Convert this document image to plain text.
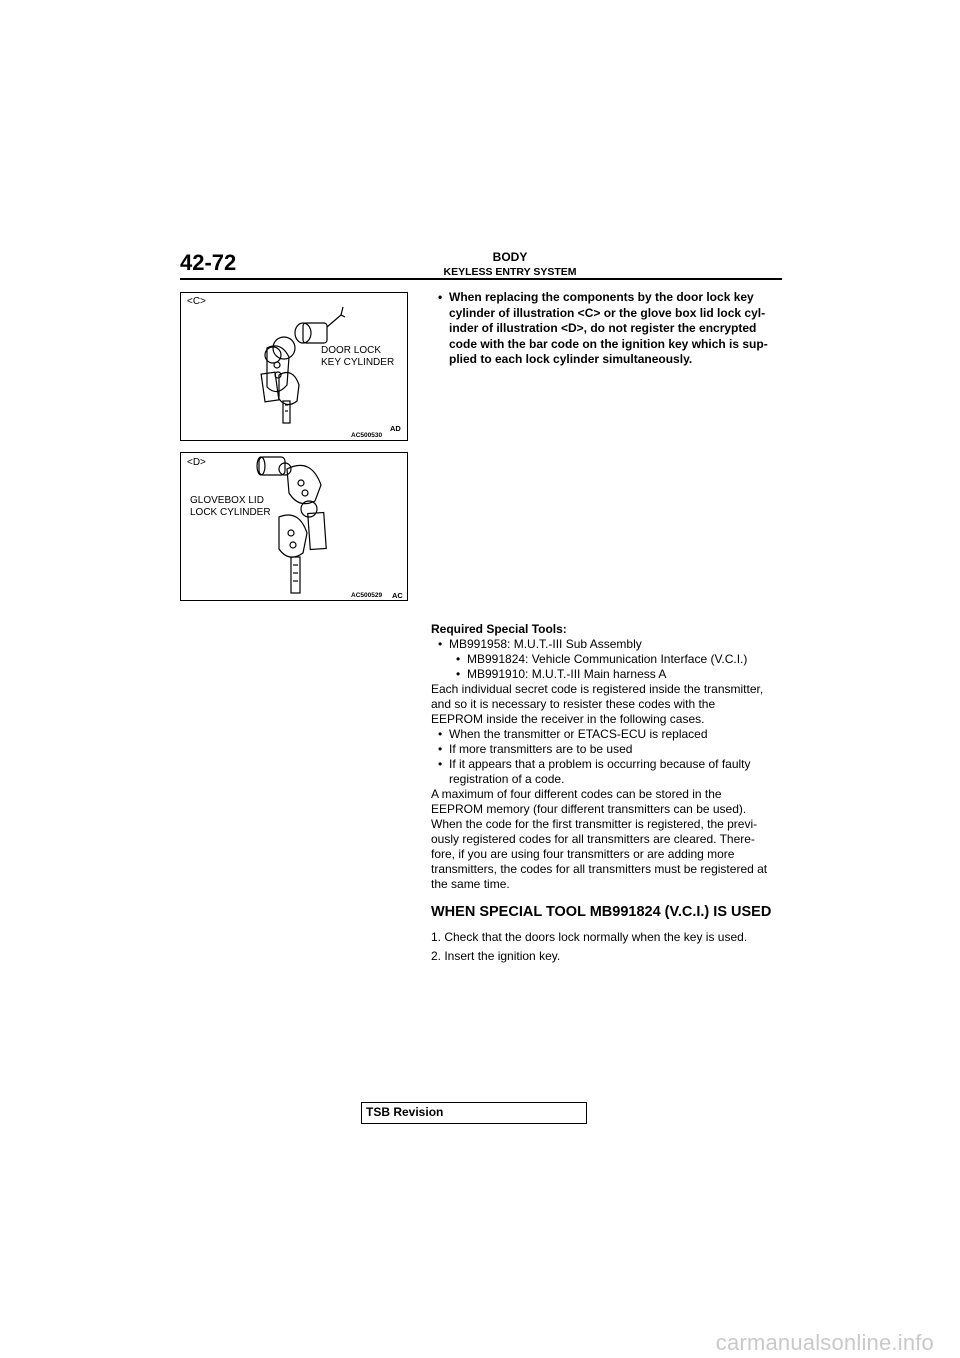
42-72	BODY
KEYLESS ENTRY SYSTEM
<C>
DOOR LOCK
KEY CYLINDER
AC500530
AD
<D>
GLOVEBOX LID
LOCK CYLINDER
AC500529 AC
• When replacing the components by the door lock key
cylinder of illustration <C> or the glove box lid lock cyl-
inder of illustration <D>, do not register the encrypted
code with the bar code on the ignition key which is sup-
plied to each lock cylinder simultaneously.
Required Special Tools:
• MB991958: M.U.T.-III Sub Assembly
• MB991824: Vehicle Communication Interface (V.C.I.)
• MB991910: M.U.T.-III Main harness A
Each individual secret code is registered inside the transmitter,
and so it is necessary to resister these codes with the
EEPROM inside the receiver in the following cases.
• When the transmitter or ETACS-ECU is replaced
• If more transmitters are to be used
• If it appears that a problem is occurring because of faulty
registration of a code.
A maximum of four different codes can be stored in the
EEPROM memory (four different transmitters can be used).
When the code for the first transmitter is registered, the previ-
ously registered codes for all transmitters are cleared. There-
fore, if you are using four transmitters or are adding more
transmitters, the codes for all transmitters must be registered at
the same time.
WHEN SPECIAL TOOL MB991824 (V.C.I.) IS USED
1. Check that the doors lock normally when the key is used.
2. Insert the ignition key.
TSB Revision
carmanualsonline.info
